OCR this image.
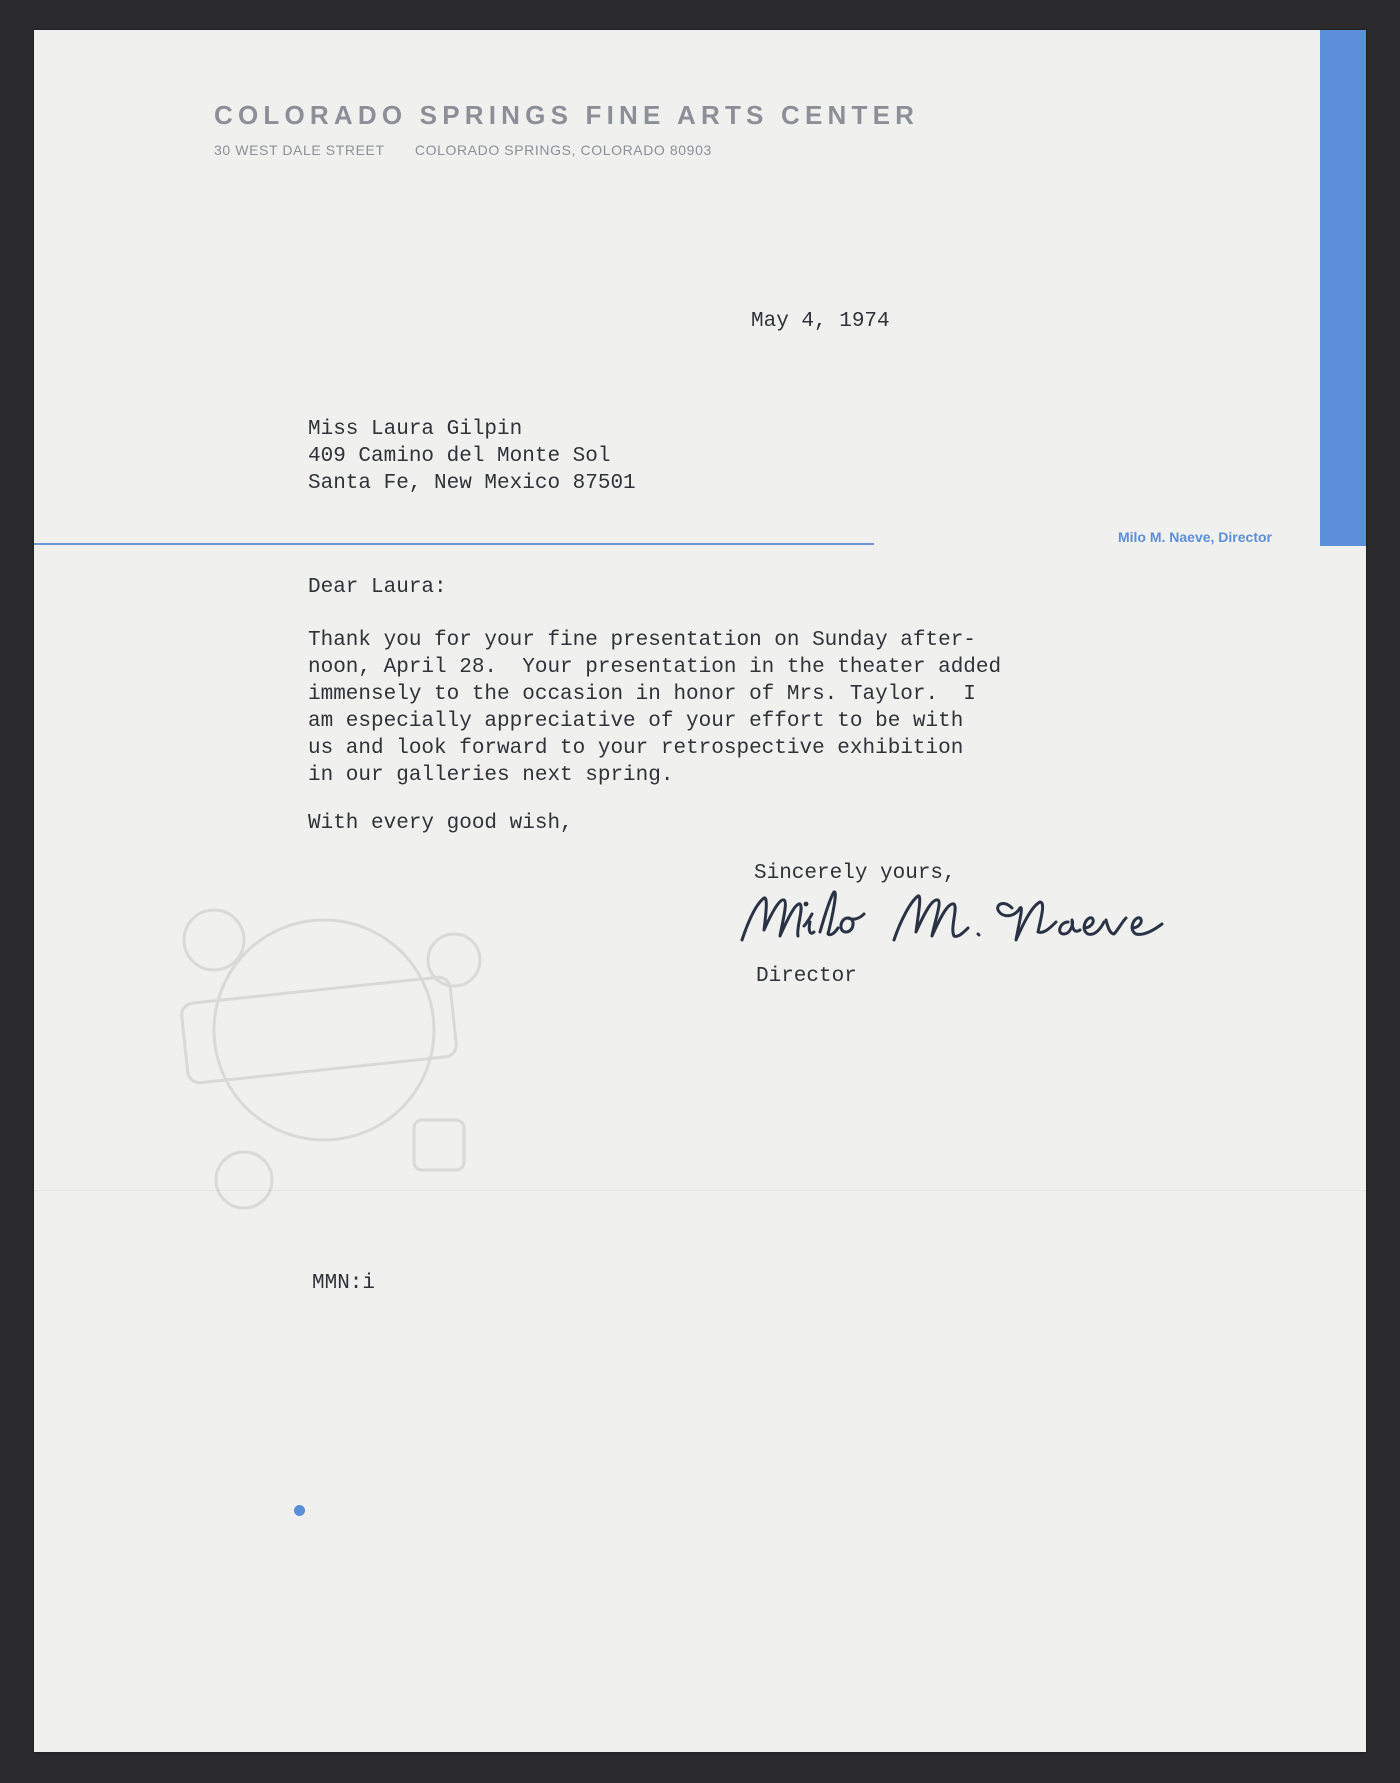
COLORADO SPRINGS FINE ARTS CENTER
30 WEST DALE STREET COLORADO SPRINGS, COLORADO 80903
Milo M. Naeve, Director
May 4, 1974
Miss Laura Gilpin
409 Camino del Monte Sol
Santa Fe, New Mexico 87501
Dear Laura:
Thank you for your fine presentation on Sunday after-
noon, April 28.  Your presentation in the theater added
immensely to the occasion in honor of Mrs. Taylor.  I
am especially appreciative of your effort to be with
us and look forward to your retrospective exhibition
in our galleries next spring.
With every good wish,
Sincerely yours,
Director
MMN:i
